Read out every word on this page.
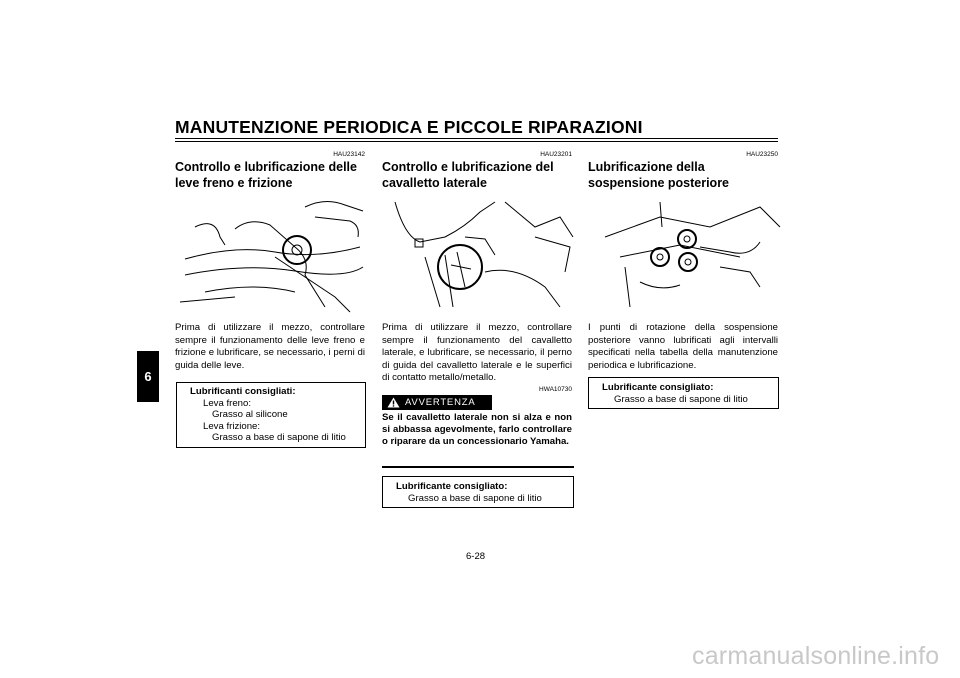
MANUTENZIONE PERIODICA E PICCOLE RIPARAZIONI
6
HAU23142
Controllo e lubrificazione delle leve freno e frizione
Prima di utilizzare il mezzo, controllare sempre il funzionamento delle leve freno e frizione e lubrificare, se necessario, i perni di guida delle leve.
Lubrificanti consigliati:
Leva freno:
Grasso al silicone
Leva frizione:
Grasso a base di sapone di litio
HAU23201
Controllo e lubrificazione del cavalletto laterale
Prima di utilizzare il mezzo, controllare sempre il funzionamento del cavalletto laterale, e lubrificare, se necessario, il perno di guida del cavalletto laterale e le superfici di contatto metallo/metallo.
HWA10730
AVVERTENZA
Se il cavalletto laterale non si alza e non si abbassa agevolmente, farlo controllare o riparare da un concessionario Yamaha.
Lubrificante consigliato:
Grasso a base di sapone di litio
HAU23250
Lubrificazione della sospensione posteriore
I punti di rotazione della sospensione posteriore vanno lubrificati agli intervalli specificati nella tabella della manutenzione periodica e lubrificazione.
Lubrificante consigliato:
Grasso a base di sapone di litio
6-28
carmanualsonline.info
